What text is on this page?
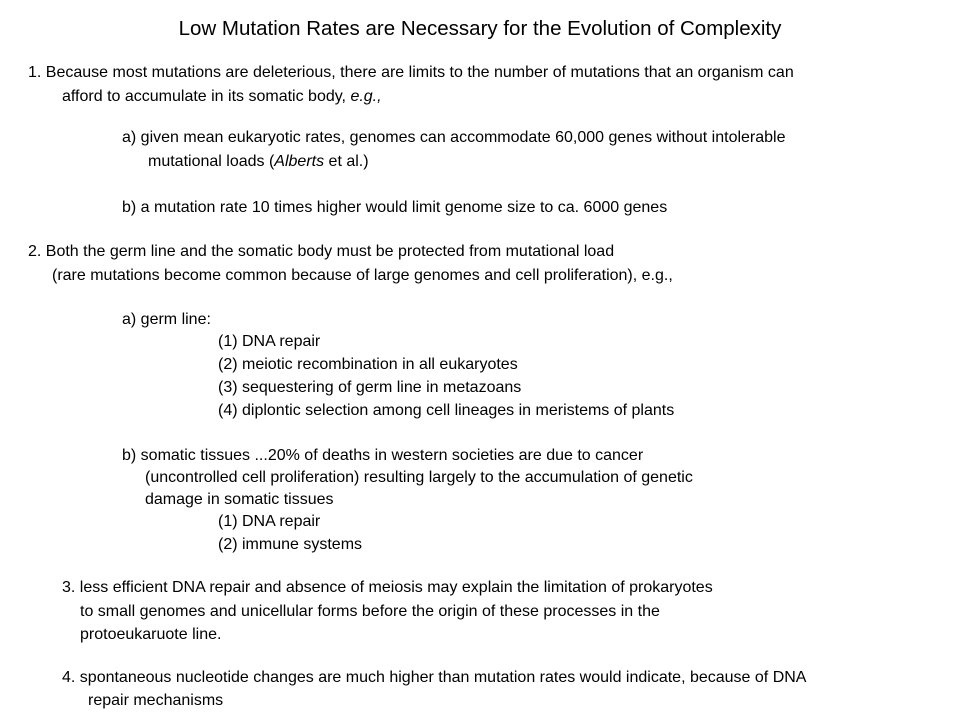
Low Mutation Rates are Necessary for the Evolution of Complexity
1. Because most mutations are deleterious, there are limits to the number of mutations that an organism can
afford to accumulate in its somatic body, e.g.,
a) given mean eukaryotic rates, genomes can accommodate 60,000 genes without intolerable
mutational loads (Alberts et al.)
b) a mutation rate 10 times higher would limit genome size to ca. 6000 genes
2. Both the germ line and the somatic body must be protected from mutational load
(rare mutations become common because of large genomes and cell proliferation), e.g.,
a) germ line:
(1) DNA repair
(2) meiotic recombination in all eukaryotes
(3) sequestering of germ line in metazoans
(4) diplontic selection among cell lineages in meristems of plants
b) somatic tissues ...20% of deaths in western societies are due to cancer
(uncontrolled cell proliferation) resulting largely to the accumulation of genetic
damage in somatic tissues
(1) DNA repair
(2) immune systems
3. less efficient DNA repair and absence of meiosis may explain the limitation of prokaryotes
to small genomes and unicellular forms before the origin of these processes in the
protoeukaruote line.
4. spontaneous nucleotide changes are much higher than mutation rates would indicate, because of DNA
repair mechanisms
